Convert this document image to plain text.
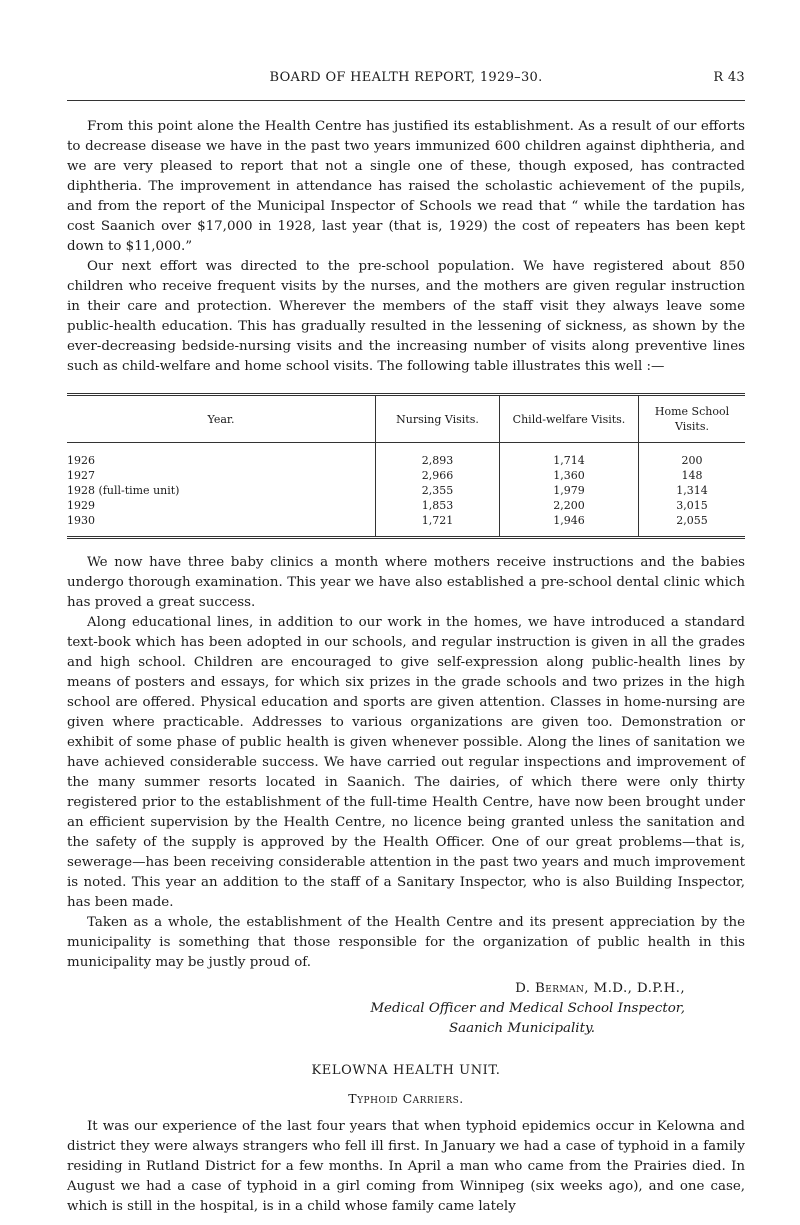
BOARD OF HEALTH REPORT, 1929–30.	R 43

From this point alone the Health Centre has justified its establishment. As a result of our efforts to decrease disease we have in the past two years immunized 600 children against diphtheria, and we are very pleased to report that not a single one of these, though exposed, has contracted diphtheria. The improvement in attendance has raised the scholastic achievement of the pupils, and from the report of the Municipal Inspector of Schools we read that “ while the tardation has cost Saanich over $17,000 in 1928, last year (that is, 1929) the cost of repeaters has been kept down to $11,000.”

Our next effort was directed to the pre-school population. We have registered about 850 children who receive frequent visits by the nurses, and the mothers are given regular instruction in their care and protection. Wherever the members of the staff visit they always leave some public-health education. This has gradually resulted in the lessening of sickness, as shown by the ever-decreasing bedside-nursing visits and the increasing number of visits along preventive lines such as child-welfare and home school visits. The following table illustrates this well :—

Year.	Nursing Visits.	Child-welfare Visits.	Home School Visits.
1926	2,893	1,714	200
1927	2,966	1,360	148
1928 (full-time unit)	2,355	1,979	1,314
1929	1,853	2,200	3,015
1930	1,721	1,946	2,055

We now have three baby clinics a month where mothers receive instructions and the babies undergo thorough examination. This year we have also established a pre-school dental clinic which has proved a great success.

Along educational lines, in addition to our work in the homes, we have introduced a standard text-book which has been adopted in our schools, and regular instruction is given in all the grades and high school. Children are encouraged to give self-expression along public-health lines by means of posters and essays, for which six prizes in the grade schools and two prizes in the high school are offered. Physical education and sports are given attention. Classes in home-nursing are given where practicable. Addresses to various organizations are given too. Demonstration or exhibit of some phase of public health is given whenever possible. Along the lines of sanitation we have achieved considerable success. We have carried out regular inspections and improvement of the many summer resorts located in Saanich. The dairies, of which there were only thirty registered prior to the establishment of the full-time Health Centre, have now been brought under an efficient supervision by the Health Centre, no licence being granted unless the sanitation and the safety of the supply is approved by the Health Officer. One of our great problems—that is, sewerage—has been receiving considerable attention in the past two years and much improvement is noted. This year an addition to the staff of a Sanitary Inspector, who is also Building Inspector, has been made.

Taken as a whole, the establishment of the Health Centre and its present appreciation by the municipality is something that those responsible for the organization of public health in this municipality may be justly proud of.

D. Berman, M.D., D.P.H.,
Medical Officer and Medical School Inspector,
Saanich Municipality.
KELOWNA HEALTH UNIT.
Typhoid Carriers.

It was our experience of the last four years that when typhoid epidemics occur in Kelowna and district they were always strangers who fell ill first. In January we had a case of typhoid in a family residing in Rutland District for a few months. In April a man who came from the Prairies died. In August we had a case of typhoid in a girl coming from Winnipeg (six weeks ago), and one case, which is still in the hospital, is in a child whose family came lately
